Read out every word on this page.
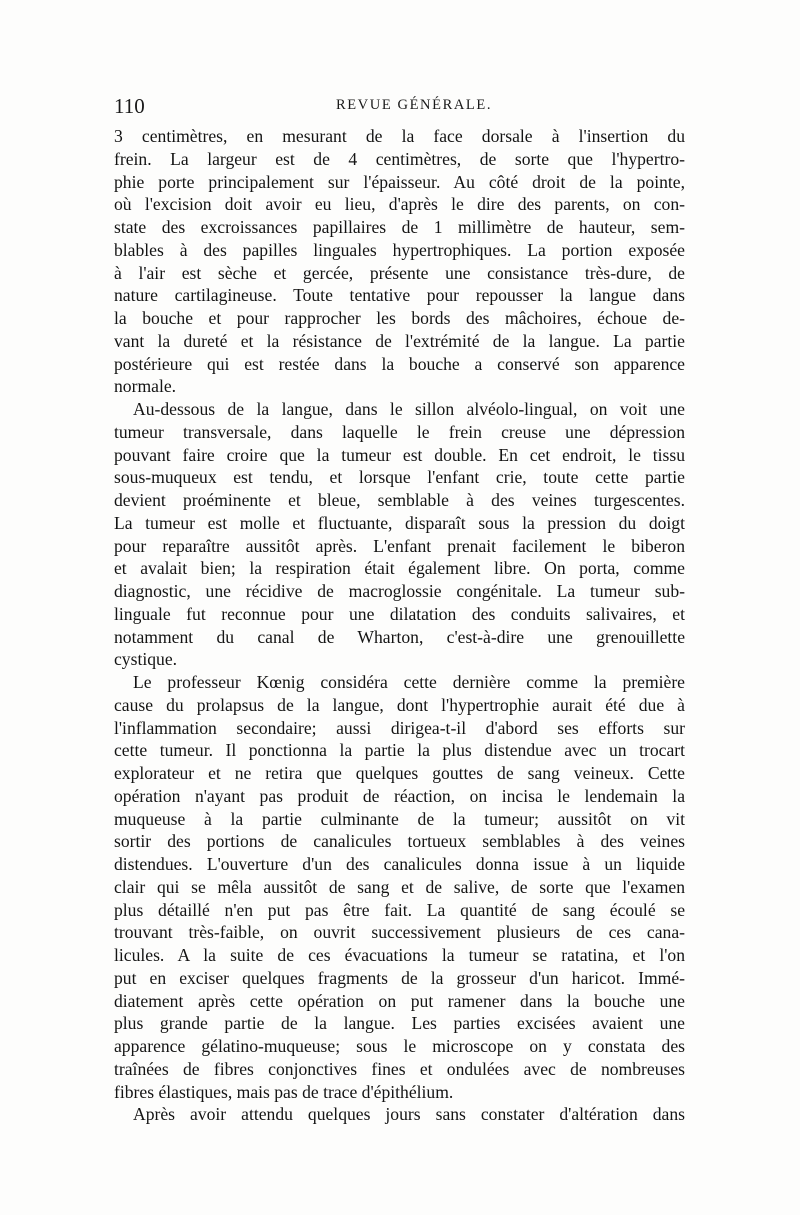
110	REVUE GÉNÉRALE.
3 centimètres, en mesurant de la face dorsale à l'insertion du
frein. La largeur est de 4 centimètres, de sorte que l'hypertro-
phie porte principalement sur l'épaisseur. Au côté droit de la pointe,
où l'excision doit avoir eu lieu, d'après le dire des parents, on con-
state des excroissances papillaires de 1 millimètre de hauteur, sem-
blables à des papilles linguales hypertrophiques. La portion exposée
à l'air est sèche et gercée, présente une consistance très-dure, de
nature cartilagineuse. Toute tentative pour repousser la langue dans
la bouche et pour rapprocher les bords des mâchoires, échoue de-
vant la dureté et la résistance de l'extrémité de la langue. La partie
postérieure qui est restée dans la bouche a conservé son apparence
normale.
Au-dessous de la langue, dans le sillon alvéolo-lingual, on voit une
tumeur transversale, dans laquelle le frein creuse une dépression
pouvant faire croire que la tumeur est double. En cet endroit, le tissu
sous-muqueux est tendu, et lorsque l'enfant crie, toute cette partie
devient proéminente et bleue, semblable à des veines turgescentes.
La tumeur est molle et fluctuante, disparaît sous la pression du doigt
pour reparaître aussitôt après. L'enfant prenait facilement le biberon
et avalait bien; la respiration était également libre. On porta, comme
diagnostic, une récidive de macroglossie congénitale. La tumeur sub-
linguale fut reconnue pour une dilatation des conduits salivaires, et
notamment du canal de Wharton, c'est-à-dire une grenouillette
cystique.
Le professeur Kœnig considéra cette dernière comme la première
cause du prolapsus de la langue, dont l'hypertrophie aurait été due à
l'inflammation secondaire; aussi dirigea-t-il d'abord ses efforts sur
cette tumeur. Il ponctionna la partie la plus distendue avec un trocart
explorateur et ne retira que quelques gouttes de sang veineux. Cette
opération n'ayant pas produit de réaction, on incisa le lendemain la
muqueuse à la partie culminante de la tumeur; aussitôt on vit
sortir des portions de canalicules tortueux semblables à des veines
distendues. L'ouverture d'un des canalicules donna issue à un liquide
clair qui se mêla aussitôt de sang et de salive, de sorte que l'examen
plus détaillé n'en put pas être fait. La quantité de sang écoulé se
trouvant très-faible, on ouvrit successivement plusieurs de ces cana-
licules. A la suite de ces évacuations la tumeur se ratatina, et l'on
put en exciser quelques fragments de la grosseur d'un haricot. Immé-
diatement après cette opération on put ramener dans la bouche une
plus grande partie de la langue. Les parties excisées avaient une
apparence gélatino-muqueuse; sous le microscope on y constata des
traînées de fibres conjonctives fines et ondulées avec de nombreuses
fibres élastiques, mais pas de trace d'épithélium.
Après avoir attendu quelques jours sans constater d'altération dans
